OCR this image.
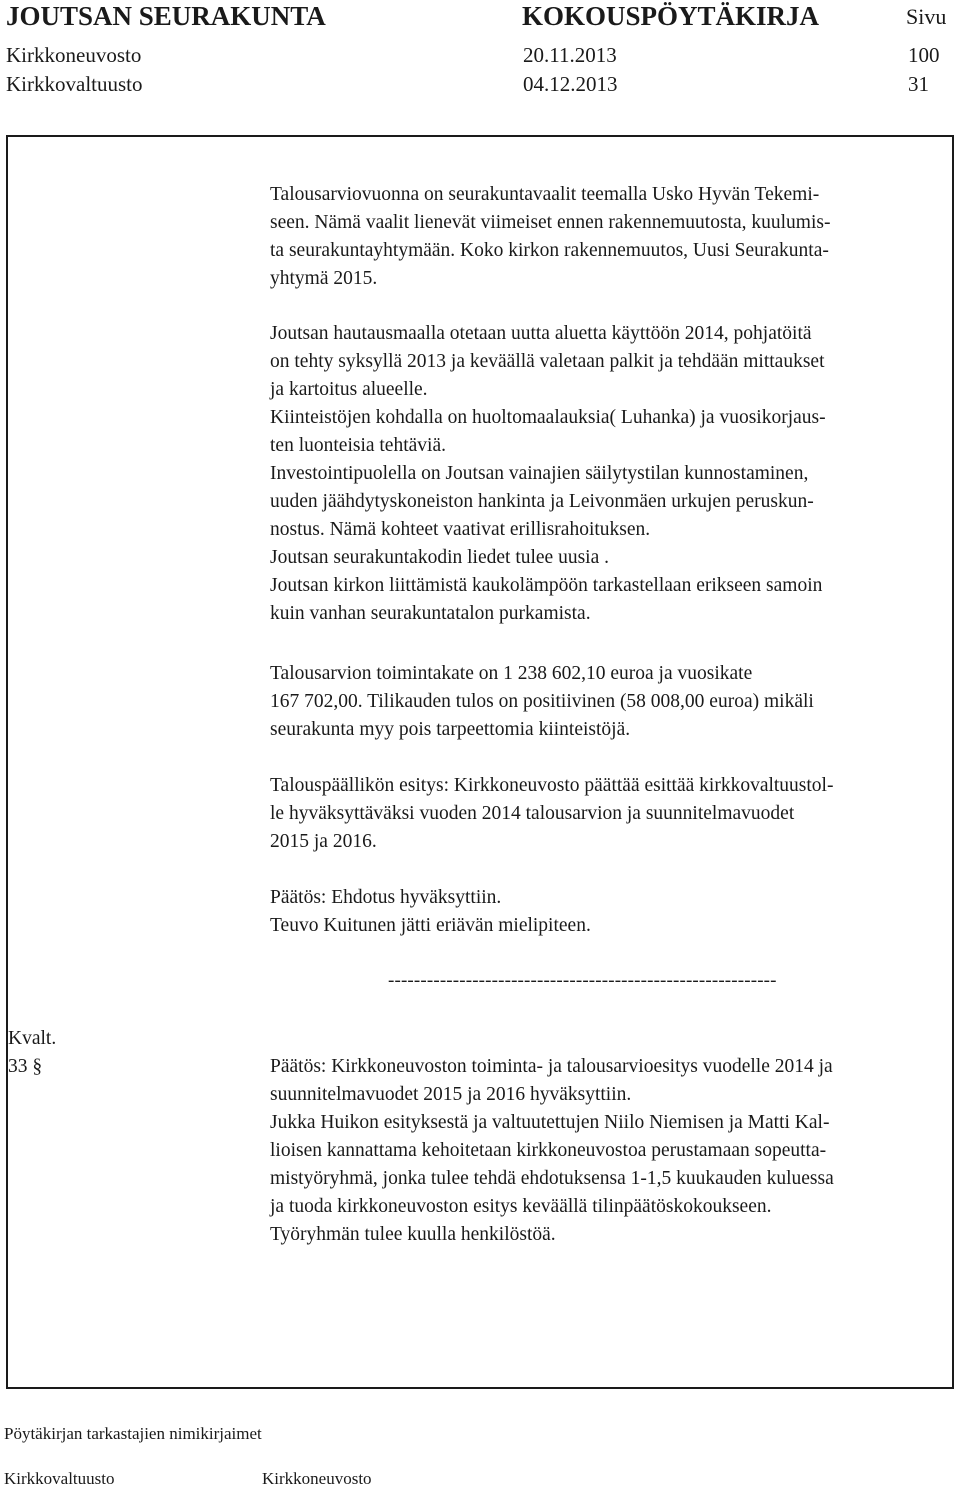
JOUTSAN SEURAKUNTA	KOKOUSPÖYTÄKIRJA	Sivu
Kirkkoneuvosto	20.11.2013	100
Kirkkovaltuusto	04.12.2013	31
Talousarviovuonna on seurakuntavaalit teemalla Usko Hyvän Tekemi-
seen. Nämä vaalit lienevät viimeiset ennen rakennemuutosta, kuulumis-
ta seurakuntayhtymään. Koko kirkon rakennemuutos, Uusi Seurakunta-
yhtymä 2015.
Joutsan hautausmaalla otetaan uutta aluetta käyttöön 2014, pohjatöitä
on tehty syksyllä 2013 ja keväällä valetaan palkit ja tehdään mittaukset
ja kartoitus alueelle.
Kiinteistöjen kohdalla on huoltomaalauksia( Luhanka) ja vuosikorjaus-
ten luonteisia tehtäviä.
Investointipuolella on Joutsan vainajien säilytystilan kunnostaminen,
uuden jäähdytyskoneiston hankinta ja Leivonmäen urkujen peruskun-
nostus. Nämä kohteet vaativat erillisrahoituksen.
Joutsan seurakuntakodin liedet tulee uusia .
Joutsan kirkon liittämistä kaukolämpöön tarkastellaan erikseen samoin
kuin vanhan seurakuntatalon purkamista.
Talousarvion toimintakate on 1 238 602,10 euroa ja vuosikate
167 702,00. Tilikauden tulos on positiivinen (58 008,00 euroa) mikäli
seurakunta myy pois tarpeettomia kiinteistöjä.
Talouspäällikön esitys: Kirkkoneuvosto päättää esittää kirkkovaltuustol-
le hyväksyttäväksi vuoden 2014 talousarvion ja suunnitelmavuodet
2015 ja 2016.
Päätös: Ehdotus hyväksyttiin.
Teuvo Kuitunen jätti eriävän mielipiteen.
------------------------------------------------------------
Kvalt.
33 §	Päätös: Kirkkoneuvoston toiminta- ja talousarvioesitys vuodelle 2014 ja
suunnitelmavuodet 2015 ja 2016 hyväksyttiin.
Jukka Huikon esityksestä ja valtuutettujen Niilo Niemisen ja Matti Kal-
lioisen kannattama kehoitetaan kirkkoneuvostoa perustamaan sopeutta-
mistyöryhmä, jonka tulee tehdä ehdotuksensa 1-1,5 kuukauden kuluessa
ja tuoda kirkkoneuvoston esitys keväällä tilinpäätöskokoukseen.
Työryhmän tulee kuulla henkilöstöä.
Pöytäkirjan tarkastajien nimikirjaimet
Kirkkovaltuusto	Kirkkoneuvosto
